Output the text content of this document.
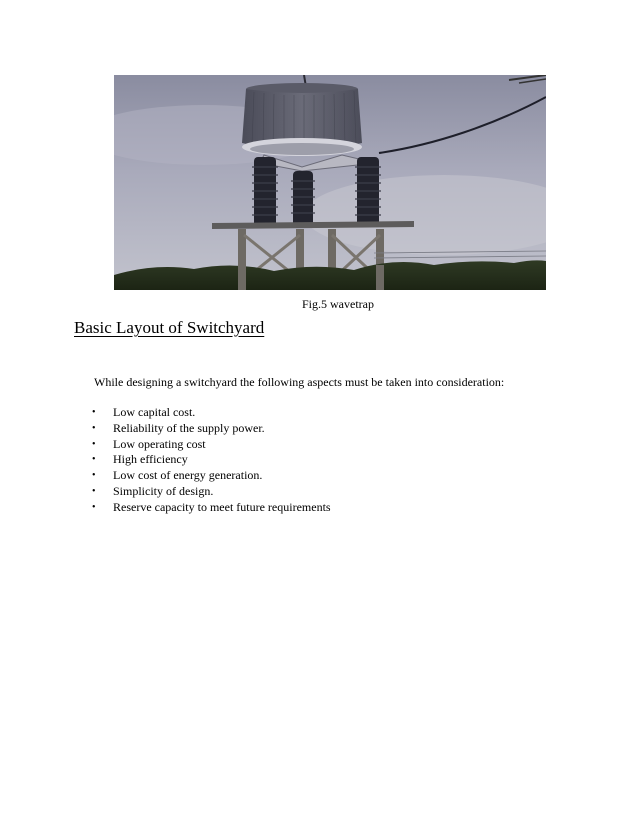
Fig.5 wavetrap
Basic Layout of Switchyard
While designing a switchyard the following aspects must be taken into consideration:
• Low capital cost.
• Reliability of the supply power.
• Low operating cost
• High efficiency
• Low cost of energy generation.
• Simplicity of design.
• Reserve capacity to meet future requirements
